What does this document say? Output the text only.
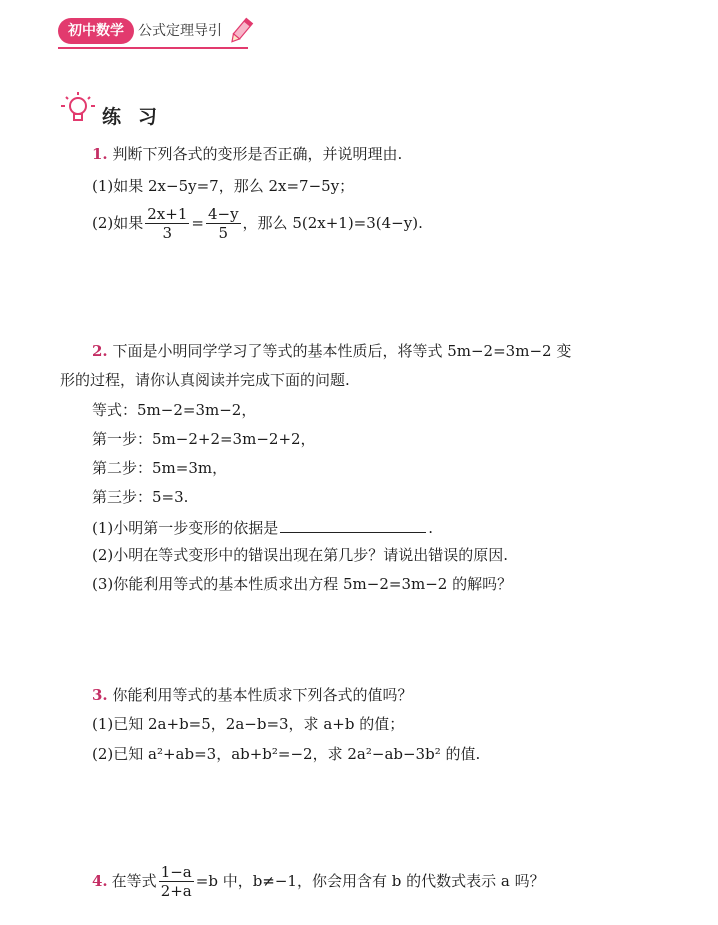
初中数学	公式定理导引
练习
1. 判断下列各式的变形是否正确，并说明理由.
(1)如果 2x−5y=7，那么 2x=7−5y；
(2)如果 $\frac{2x+1}{3} = \frac{4-y}{5}$ ，那么 5(2x+1)=3(4−y).
2. 下面是小明同学学习了等式的基本性质后，将等式 5m−2=3m−2 变
形的过程，请你认真阅读并完成下面的问题.
等式：5m−2=3m−2，
第一步：5m−2+2=3m−2+2，
第二步：5m=3m，
第三步：5=3.
(1)小明第一步变形的依据是	.
(2)小明在等式变形中的错误出现在第几步？请说出错误的原因.
(3)你能利用等式的基本性质求出方程 5m−2=3m−2 的解吗？
3. 你能利用等式的基本性质求下列各式的值吗？
(1)已知 2a+b=5，2a−b=3，求 a+b 的值；
(2)已知 a²+ab=3，ab+b²=−2，求 2a²−ab−3b² 的值.
4. 在等式 $\frac{1-a}{2+a} =b$ 中，b≠−1，你会用含有 b 的代数式表示 a 吗？
